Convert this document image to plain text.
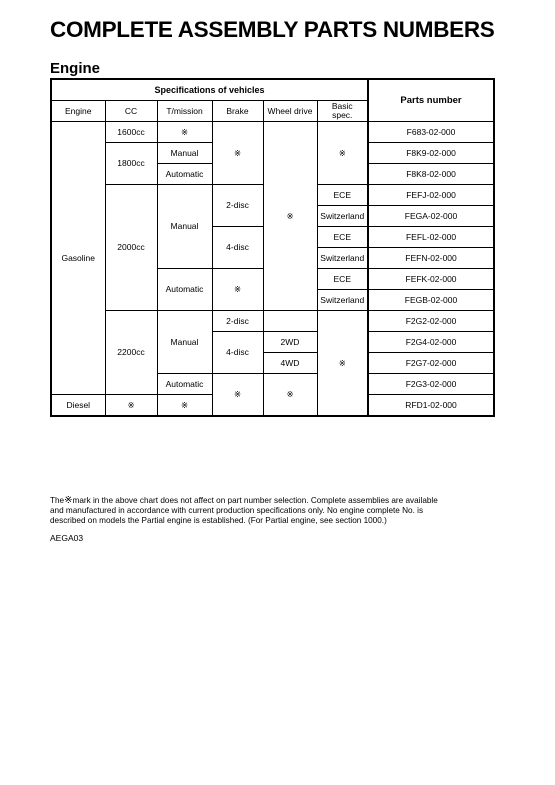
COMPLETE ASSEMBLY PARTS NUMBERS
Engine
Specifications of vehicles						Parts number
Engine	CC	T/mission	Brake	Wheel drive	Basic spec.	
Gasoline	1600cc	※	※	※	※	F683-02-000
	1800cc	Manual				F8K9-02-000
		Automatic				F8K8-02-000
	2000cc	Manual	2-disc		ECE	FEFJ-02-000
					Switzerland	FEGA-02-000
			4-disc		ECE	FEFL-02-000
					Switzerland	FEFN-02-000
		Automatic	※		ECE	FEFK-02-000
					Switzerland	FEGB-02-000
	2200cc	Manual	2-disc		※	F2G2-02-000
			4-disc	2WD		F2G4-02-000
				4WD		F2G7-02-000
		Automatic	※	※		F2G3-02-000
Diesel	※	※				RFD1-02-000
The※mark in the above chart does not affect on part number selection. Complete assemblies are available
and manufactured in accordance with current production specifications only. No engine complete No. is
described on models the Partial engine is established. (For Partial engine, see section 1000.)
AEGA03
